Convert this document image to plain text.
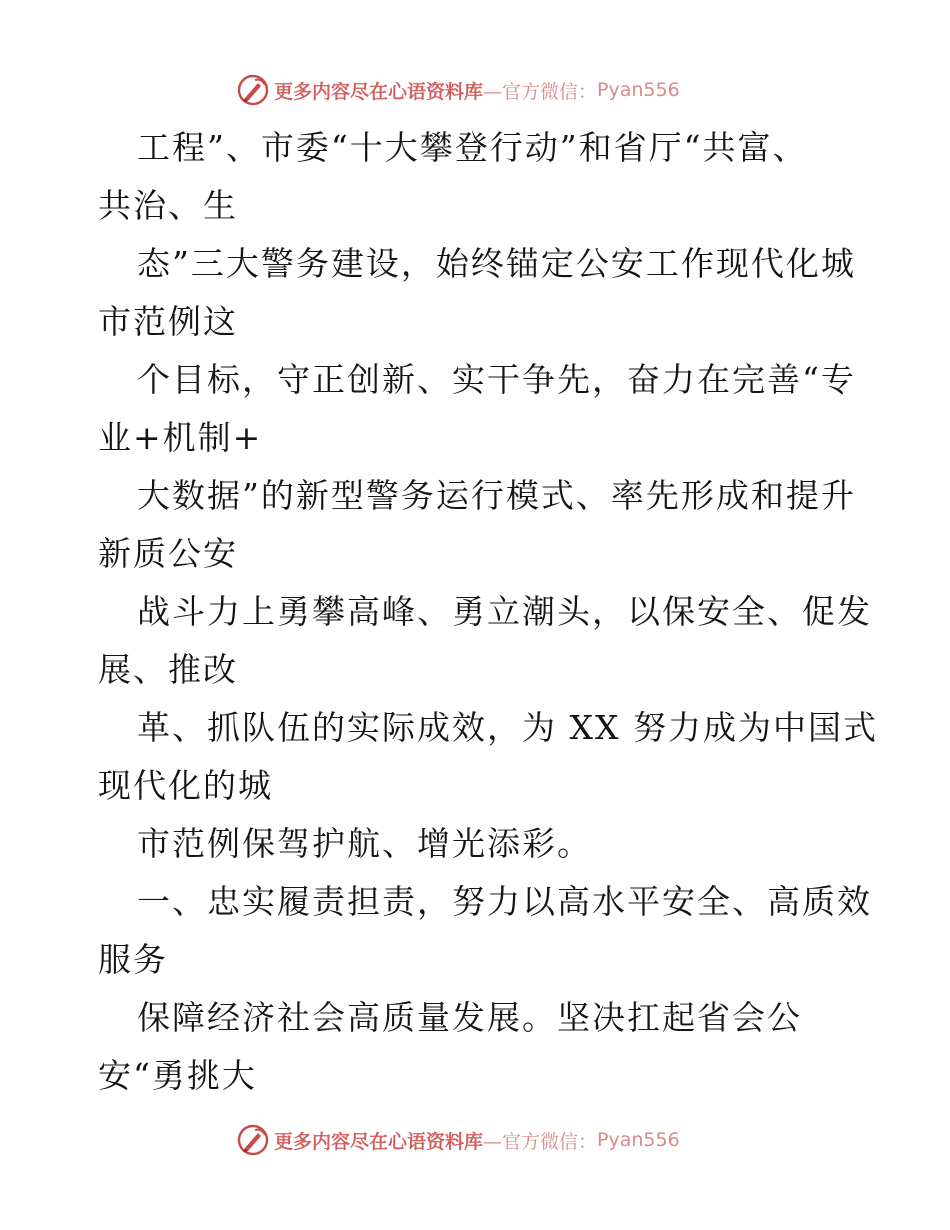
更多内容尽在心语资料库 —官方微信： Pyan556
工程”、市委“十大攀登行动”和省厅“共富、
共治、生
态”三大警务建设，始终锚定公安工作现代化城
市范例这
个目标，守正创新、实干争先，奋力在完善“专
业+机制+
大数据”的新型警务运行模式、率先形成和提升
新质公安
战斗力上勇攀高峰、勇立潮头，以保安全、促发
展、推改
革、抓队伍的实际成效，为 XX 努力成为中国式
现代化的城
市范例保驾护航、增光添彩。
一、忠实履责担责，努力以高水平安全、高质效
服务
保障经济社会高质量发展。坚决扛起省会公
安“勇挑大
更多内容尽在心语资料库 —官方微信： Pyan556
